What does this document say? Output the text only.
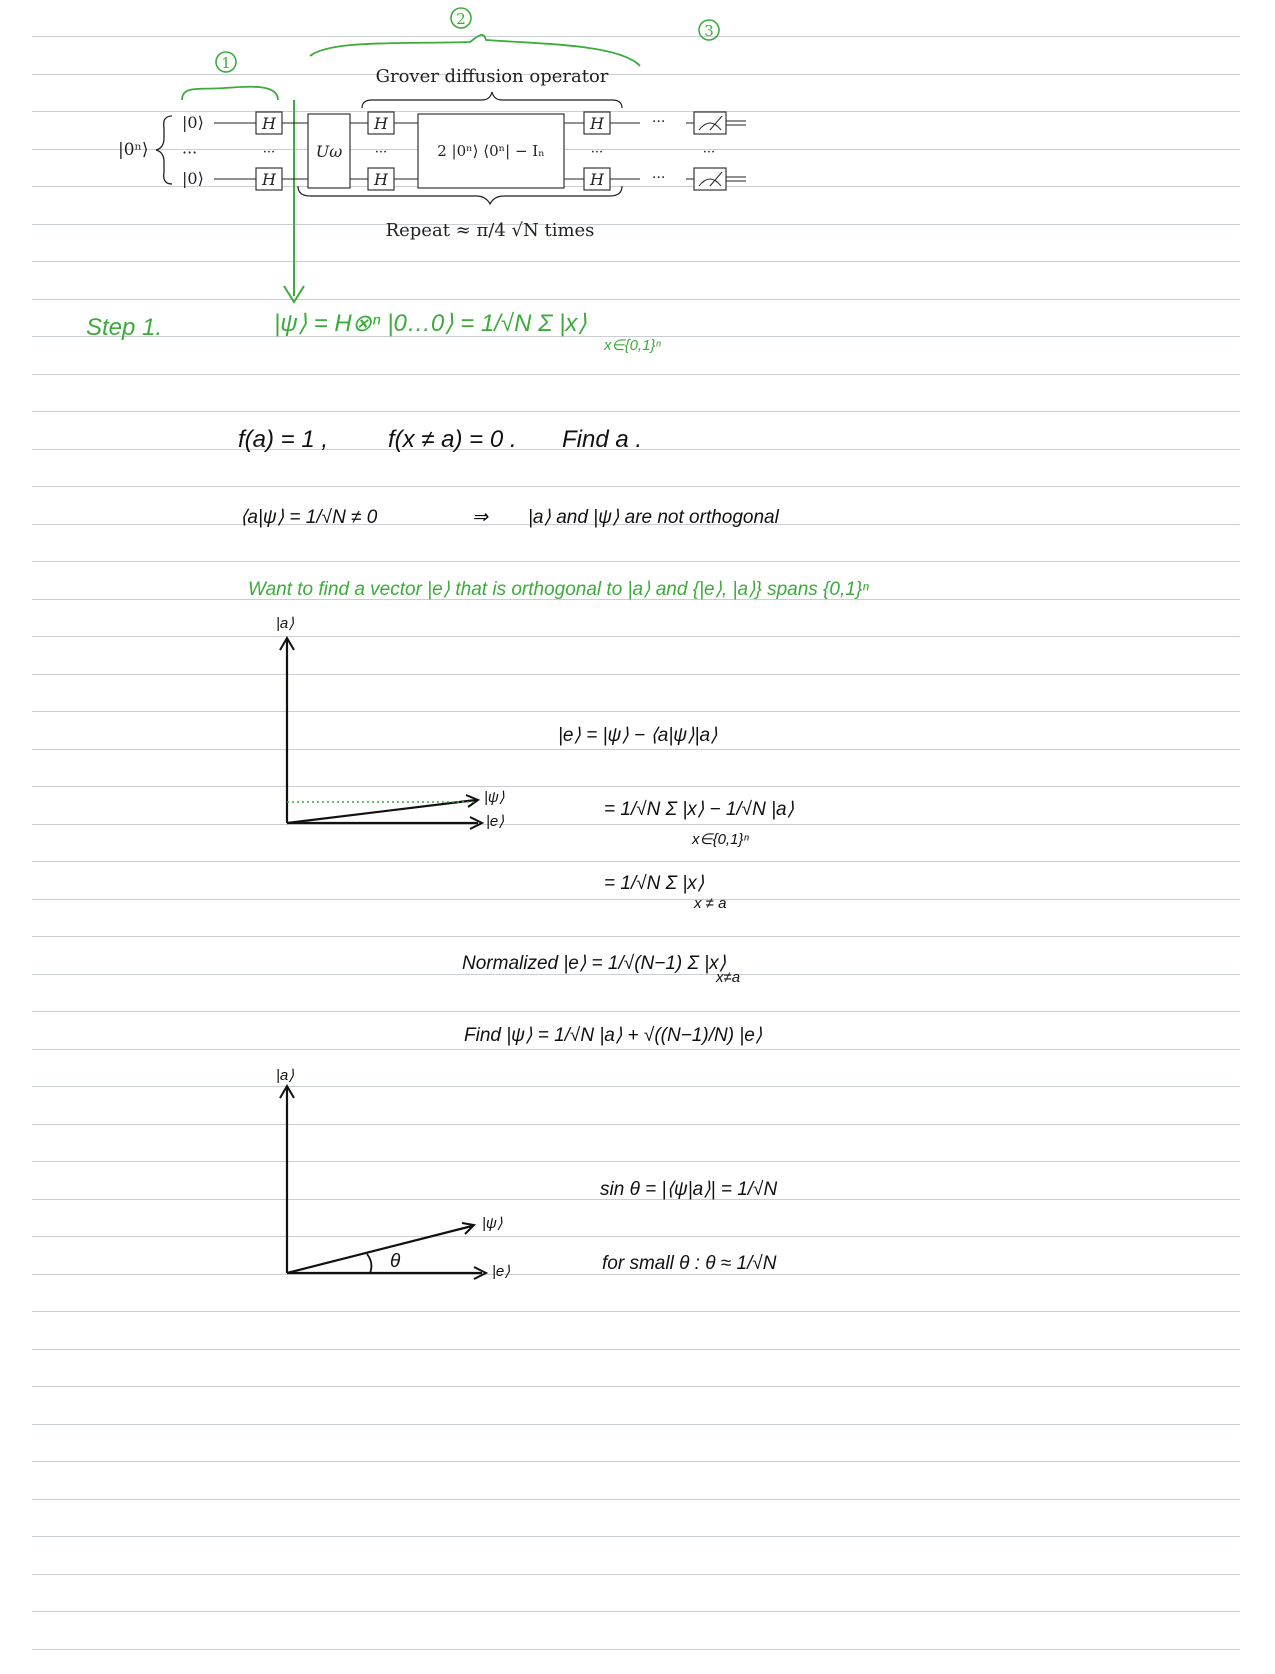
1
2
3
Grover diffusion operator
Repeat ≈ π/4 √N times
|0ⁿ⟩
|0⟩
···
|0⟩
H
···
H
Uω
H
···
H
2 |0ⁿ⟩ ⟨0ⁿ| − Iₙ
H
···
H
···
···
···
Step 1.	|ψ⟩ = H⊗ⁿ |0…0⟩ = 1/√N Σ |x⟩
x∈{0,1}ⁿ
f(a) = 1 , f(x ≠ a) = 0 . Find a .
⟨a|ψ⟩ = 1/√N ≠ 0	⇒ |a⟩ and |ψ⟩ are not orthogonal
Want to find a vector |e⟩ that is orthogonal to |a⟩ and {|e⟩, |a⟩} spans {0,1}ⁿ
|a⟩
|ψ⟩
|e⟩
|e⟩ = |ψ⟩ − ⟨a|ψ⟩|a⟩
= 1/√N Σ |x⟩ − 1/√N |a⟩
x∈{0,1}ⁿ
= 1/√N Σ |x⟩
x ≠ a
Normalized |e⟩ = 1/√(N−1) Σ |x⟩
x≠a
Find |ψ⟩ = 1/√N |a⟩ + √((N−1)/N) |e⟩
|a⟩
|ψ⟩
|e⟩
θ
sin θ = |⟨ψ|a⟩| = 1/√N
for small θ : θ ≈ 1/√N
